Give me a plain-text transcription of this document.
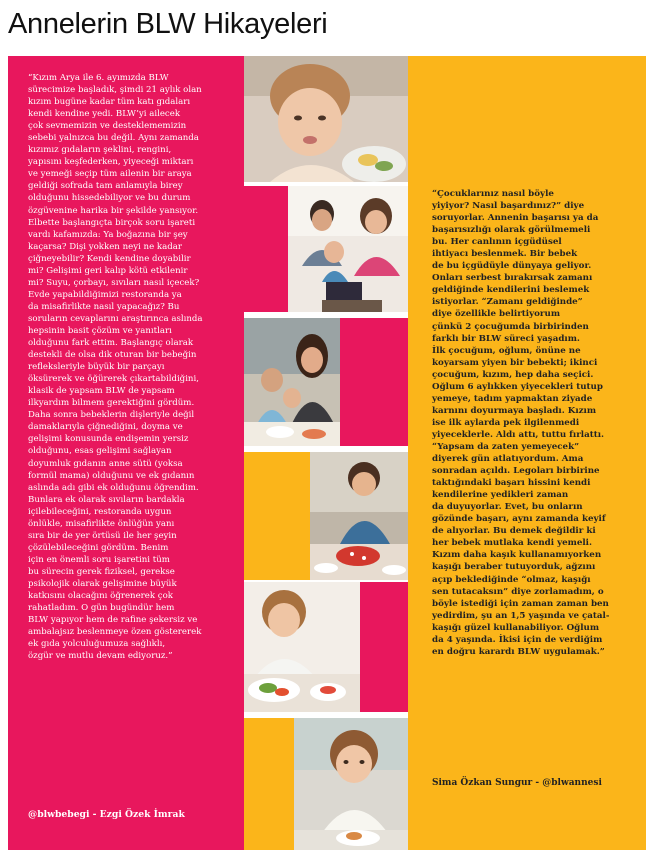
Annelerin BLW Hikayeleri
“Kızım Arya ile 6. ayımızda BLW
sürecimize başladık, şimdi 21 aylık olan
kızım bugüne kadar tüm katı gıdaları
kendi kendine yedi. BLW’yi ailecek
çok sevmemizin ve desteklememizin
sebebi yalnızca bu değil. Aynı zamanda
kızımız gıdaların şeklini, rengini,
yapısını keşfederken, yiyeceği miktarı
ve yemeği seçip tüm ailenin bir araya
geldiği sofrada tam anlamıyla birey
olduğunu hissedebiliyor ve bu durum
özgüvenine harika bir şekilde yansıyor.
Elbette başlangıçta birçok soru işareti
vardı kafamızda: Ya boğazına bir şey
kaçarsa? Dişi yokken neyi ne kadar
çiğneyebilir? Kendi kendine doyabilir
mi? Gelişimi geri kalıp kötü etkilenir
mi? Suyu, çorbayı, sıvıları nasıl içecek?
Evde yapabildiğimizi restoranda ya
da misafirlikte nasıl yapacağız? Bu
soruların cevaplarını araştırınca aslında
hepsinin basit çözüm ve yanıtları
olduğunu fark ettim. Başlangıç olarak
destekli de olsa dik oturan bir bebeğin
refleksleriyle büyük bir parçayı
öksürerek ve öğürerek çıkartabildiğini,
klasik de yapsam BLW de yapsam
ilkyardım bilmem gerektiğini gördüm.
Daha sonra bebeklerin dişleriyle değil
damaklarıyla çiğnediğini, doyma ve
gelişimi konusunda endişemin yersiz
olduğunu, esas gelişimi sağlayan
doyumluk gıdanın anne sütü (yoksa
formül mama) olduğunu ve ek gıdanın
aslında adı gibi ek olduğunu öğrendim.
Bunlara ek olarak sıvıların bardakla
içilebileceğini, restoranda uygun
önlükle, misafirlikte önlüğün yanı
sıra bir de yer örtüsü ile her şeyin
çözülebileceğini gördüm. Benim
için en önemli soru işaretini tüm
bu sürecin gerek fiziksel, gerekse
psikolojik olarak gelişimine büyük
katkısını olacağını öğrenerek çok
rahatladım. O gün bugündür hem
BLW yapıyor hem de rafine şekersiz ve
ambalajsız beslenmeye özen göstererek
ek gıda yolculuğumuza sağlıklı,
özgür ve mutlu devam ediyoruz.”
@blwbebegi - Ezgi Özek İmrak
“Çocuklarınız nasıl böyle
yiyiyor? Nasıl başardınız?” diye
soruyorlar. Annenin başarısı ya da
başarısızlığı olarak görülmemeli
bu. Her canlının içgüdüsel
ihtiyacı beslenmek. Bir bebek
de bu içgüdüyle dünyaya geliyor.
Onları serbest bırakırsak zamanı
geldiğinde kendilerini beslemek
istiyorlar. “Zamanı geldiğinde”
diye özellikle belirtiyorum
çünkü 2 çocuğumda birbirinden
farklı bir BLW süreci yaşadım.
İlk çocuğum, oğlum, önüne ne
koyarsam yiyen bir bebekti; ikinci
çocuğum, kızım, hep daha seçici.
Oğlum 6 aylıkken yiyecekleri tutup
yemeye, tadım yapmaktan ziyade
karnını doyurmaya başladı. Kızım
ise ilk aylarda pek ilgilenmedi
yiyeceklerle. Aldı attı, tuttu fırlattı.
“Yapsam da zaten yemeyecek”
diyerek gün atlatıyordum. Ama
sonradan açıldı. Legoları birbirine
taktığındaki başarı hissini kendi
kendilerine yedikleri zaman
da duyuyorlar. Evet, bu onların
gözünde başarı, aynı zamanda keyif
de alıyorlar. Bu demek değildir ki
her bebek mutlaka kendi yemeli.
Kızım daha kaşık kullanamıyorken
kaşığı beraber tutuyorduk, ağzını
açıp beklediğinde “olmaz, kaşığı
sen tutacaksın” diye zorlamadım, o
böyle istediği için zaman zaman ben
yedirdim, şu an 1,5 yaşında ve çatal-
kaşığı güzel kullanabiliyor. Oğlum
da 4 yaşında. İkisi için de verdiğim
en doğru karardı BLW uygulamak.”
Sima Özkan Sungur - @blwannesi
